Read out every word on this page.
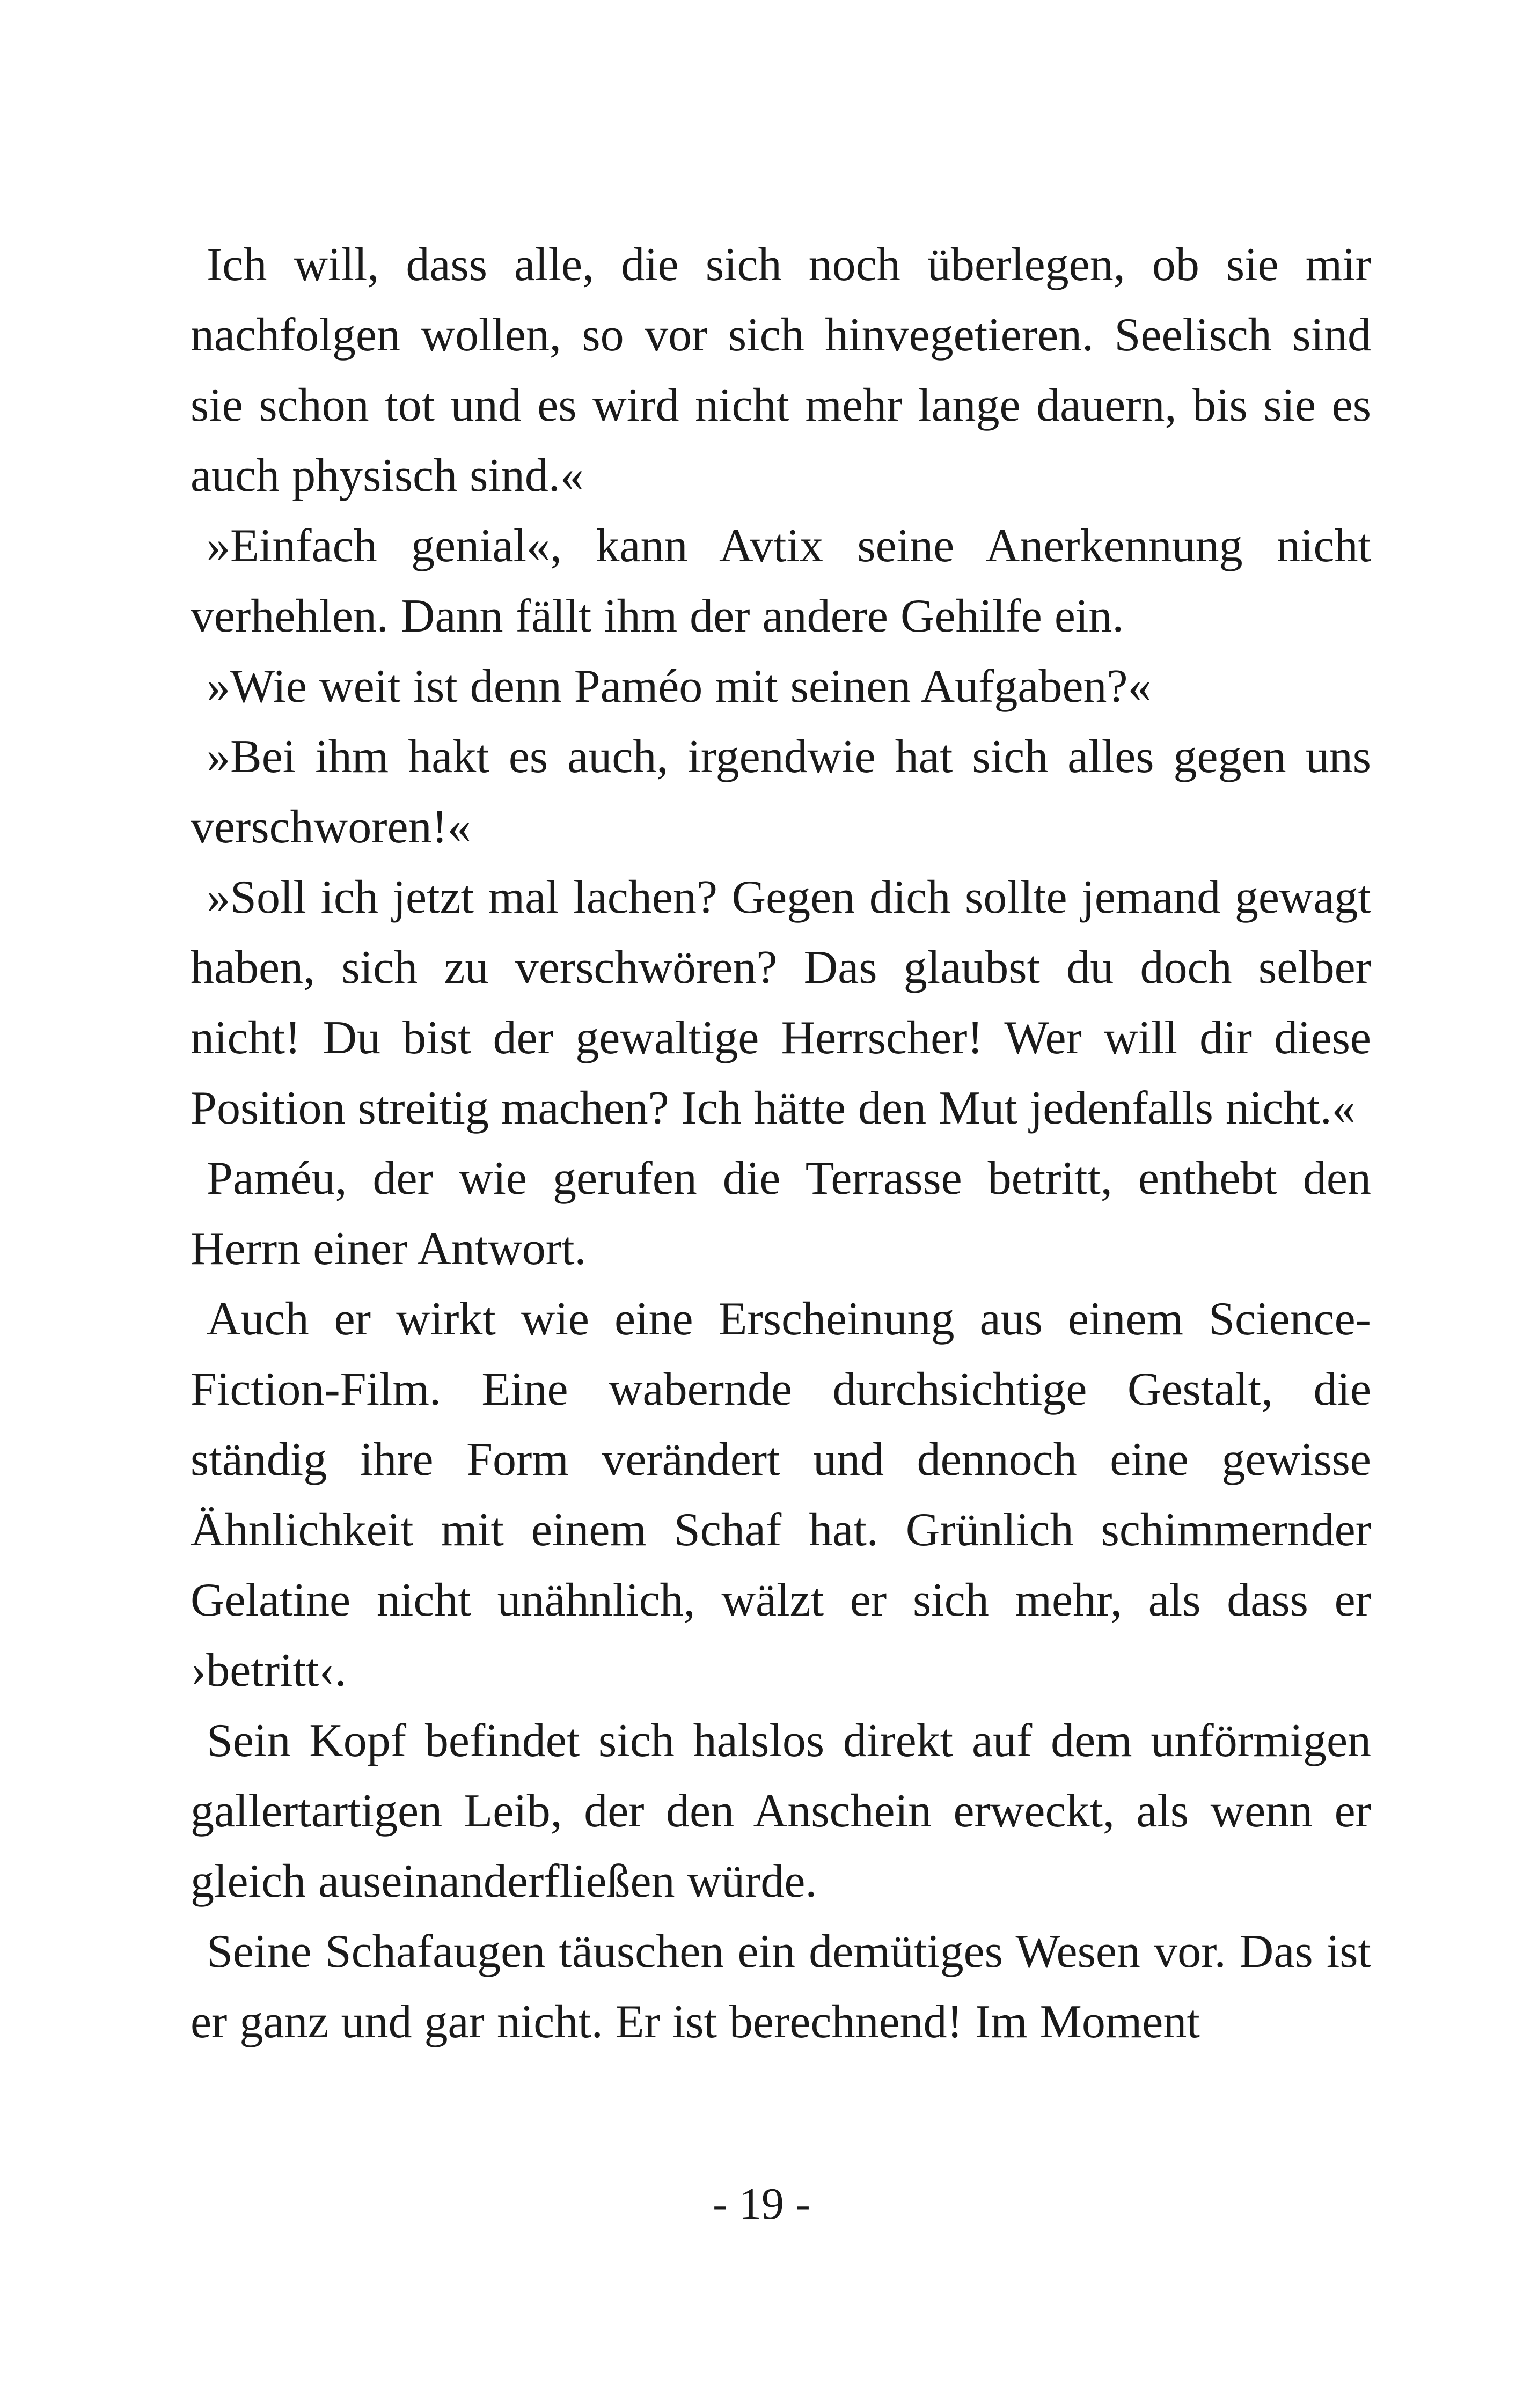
Ich will, dass alle, die sich noch überlegen, ob sie mir nachfolgen wollen, so vor sich hinvegetieren. Seelisch sind sie schon tot und es wird nicht mehr lange dauern, bis sie es auch physisch sind.«

»Einfach genial«, kann Avtix seine Anerkennung nicht verhehlen. Dann fällt ihm der andere Gehilfe ein.

»Wie weit ist denn Paméo mit seinen Aufgaben?«

»Bei ihm hakt es auch, irgendwie hat sich alles gegen uns verschworen!«

»Soll ich jetzt mal lachen? Gegen dich sollte jemand gewagt haben, sich zu verschwören? Das glaubst du doch selber nicht! Du bist der gewaltige Herrscher! Wer will dir diese Position streitig machen? Ich hätte den Mut jedenfalls nicht.«

Paméu, der wie gerufen die Terrasse betritt, enthebt den Herrn einer Antwort.

Auch er wirkt wie eine Erscheinung aus einem Science-Fiction-Film. Eine wabernde durchsichtige Gestalt, die ständig ihre Form verändert und dennoch eine gewisse Ähnlichkeit mit einem Schaf hat. Grünlich schimmernder Gelatine nicht unähnlich, wälzt er sich mehr, als dass er ›betritt‹.

Sein Kopf befindet sich halslos direkt auf dem unförmigen gallertartigen Leib, der den Anschein erweckt, als wenn er gleich auseinanderfließen würde.

Seine Schafaugen täuschen ein demütiges Wesen vor. Das ist er ganz und gar nicht. Er ist berechnend! Im Moment

- 19 -
